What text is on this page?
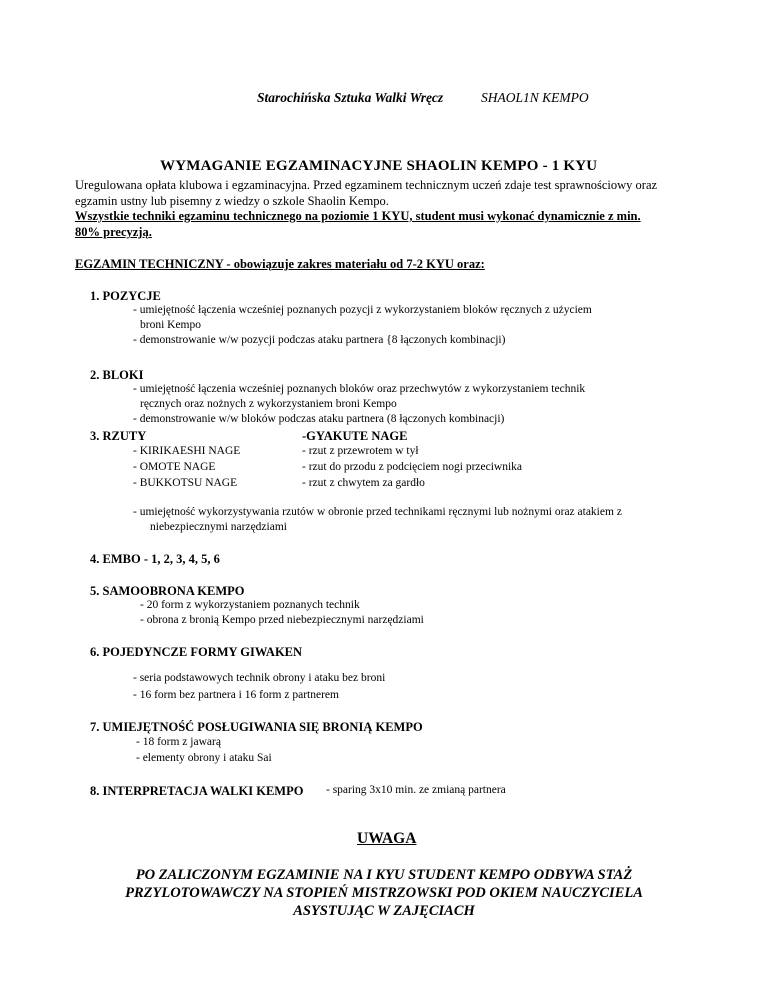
Starochińska Sztuka Walki Wręcz	SHAOL1N KEMPO
WYMAGANIE EGZAMINACYJNE SHAOLIN KEMPO - 1 KYU
Uregulowana opłata klubowa i egzaminacyjna. Przed egzaminem technicznym uczeń zdaje test sprawnościowy oraz
egzamin ustny lub pisemny z wiedzy o szkole Shaolin Kempo.
Wszystkie techniki egzaminu technicznego na poziomie 1 KYU, student musi wykonać dynamicznie z min.
80% precyzją.
EGZAMIN TECHNICZNY - obowiązuje zakres materiału od 7-2 KYU oraz:
1. POZYCJE
- umiejętność łączenia wcześniej poznanych pozycji z wykorzystaniem bloków ręcznych z użyciem
broni Kempo
- demonstrowanie w/w pozycji podczas ataku partnera {8 łączonych kombinacji)
2. BLOKI
- umiejętność łączenia wcześniej poznanych bloków oraz przechwytów z wykorzystaniem technik
ręcznych oraz nożnych z wykorzystaniem broni Kempo
- demonstrowanie w/w bloków podczas ataku partnera (8 łączonych kombinacji)
3. RZUTY	-GYAKUTE NAGE
- KIRIKAESHI NAGE
- OMOTE NAGE
- BUKKOTSU NAGE
- rzut z przewrotem w tył
- rzut do przodu z podcięciem nogi przeciwnika
- rzut z chwytem za gardło
- umiejętność wykorzystywania rzutów w obronie przed technikami ręcznymi lub nożnymi oraz atakiem z
niebezpiecznymi narzędziami
4. EMBO - 1, 2, 3, 4, 5, 6
5. SAMOOBRONA KEMPO
- 20 form z wykorzystaniem poznanych technik
- obrona z bronią Kempo przed niebezpiecznymi narzędziami
6. POJEDYNCZE FORMY GIWAKEN
- seria podstawowych technik obrony i ataku bez broni
- 16 form bez partnera i 16 form z partnerem
7. UMIEJĘTNOŚĆ POSŁUGIWANIA SIĘ BRONIĄ KEMPO
- 18 form z jawarą
- elementy obrony i ataku Sai
8. INTERPRETACJA WALKI KEMPO - sparing 3x10 min. ze zmianą partnera
UWAGA
PO ZALICZONYM EGZAMINIE NA I KYU STUDENT KEMPO ODBYWA STAŻ
PRZYLOTOWAWCZY NA STOPIEŃ MISTRZOWSKI POD OKIEM NAUCZYCIELA
ASYSTUJĄC W ZAJĘCIACH
